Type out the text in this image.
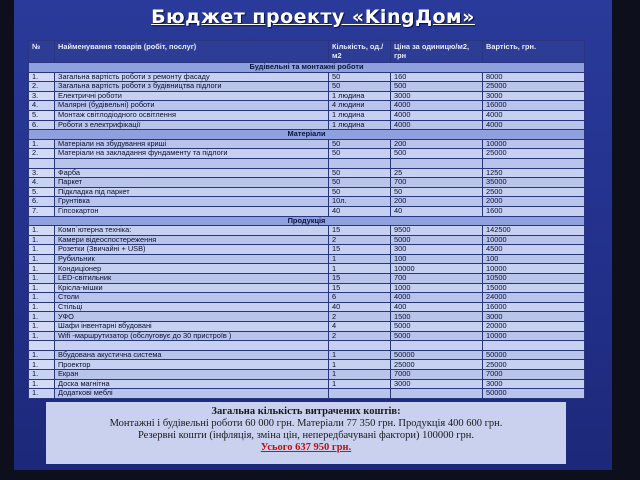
Бюджет проекту «KingДом»
№	Найменування товарів (робіт, послуг)	Кількість, од./м2	Ціна за одиницю/м2, грн	Вартість, грн.
Будівельні та монтажні роботи				
1.	Загальна вартість роботи з ремонту фасаду	50	160	8000
2.	Загальна вартість роботи з будівництва підлоги	50	500	25000
3.	Електричні роботи	1 людина	3000	3000
4.	Малярні (будівельні) роботи	4 людини	4000	16000
5.	Монтаж світлодіодного освітлення	1 людина	4000	4000
6.	Роботи з електрифікації	1 людина	4000	4000
Матеріали				
1.	Матеріали на збудування криші	50	200	10000
2.	Матеріали на закладання фундаменту та підлоги	50	500	25000

3.	Фарба	50	25	1250
4.	Паркет	50	700	35000
5.	Підкладка під паркет	50	50	2500
6.	Грунтівка	10л.	200	2000
7.	Гіпсокартон	40	40	1600
Продукція				
1.	Комп`ютерна техніка:	15	9500	142500
1.	Камери відеоспостереження	2	5000	10000
1.	Розетки (Звичайні + USB)	15	300	4500
1.	Рубильник	1	100	100
1.	Кондиціонер	1	10000	10000
1.	LED-світильник	15	700	10500
1.	Крісла-мішки	15	1000	15000
1.	Столи	6	4000	24000
1.	Стільці	40	400	16000
1.	УФО	2	1500	3000
1.	Шафи інвентарні вбудовані	4	5000	20000
1.	Wifi -маршрутизатор (обслуговує до 30 пристроїв )	2	5000	10000

1.	Вбудована акустична система	1	50000	50000
1.	Проектор	1	25000	25000
1.	Екран	1	7000	7000
1.	Доска магнітна	1	3000	3000
1.	Додаткові меблі			50000
Загальна кількість витрачених коштів:
Монтажні і будівельні роботи 60 000 грн. Матеріали 77 350 грн. Продукція 400 600 грн.
Резервні кошти (інфляція, зміна цін, непередбачувані фактори) 100000 грн.
Усього 637 950 грн.
